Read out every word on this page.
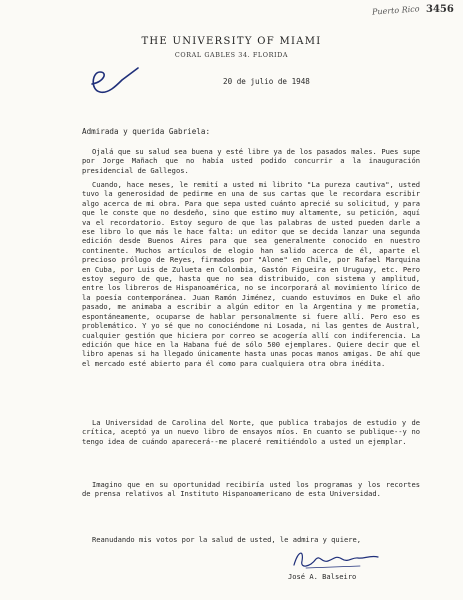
Puerto Rico 3456
THE UNIVERSITY OF MIAMI
CORAL GABLES 34. FLORIDA
20 de julio de 1948
Admirada y querida Gabriela:

Ojalá que su salud sea buena y esté libre ya de los pasados males. Pues supe por Jorge Mañach que no había usted podido concurrir a la inauguración presidencial de Gallegos.

Cuando, hace meses, le remití a usted mi librito "La pureza cautiva", usted tuvo la generosidad de pedirme en una de sus cartas que le recordara escribir algo acerca de mi obra. Para que sepa usted cuánto aprecié su solicitud, y para que le conste que no desdeño, sino que estimo muy altamente, su petición, aquí va el recordatorio. Estoy seguro de que las palabras de usted pueden darle a ese libro lo que más le hace falta: un editor que se decida lanzar una segunda edición desde Buenos Aires para que sea generalmente conocido en nuestro continente. Muchos artículos de elogio han salido acerca de él, aparte el precioso prólogo de Reyes, firmados por "Alone" en Chile, por Rafael Marquina en Cuba, por Luis de Zulueta en Colombia, Gastón Figueira en Uruguay, etc. Pero estoy seguro de que, hasta que no sea distribuido, con sistema y amplitud, entre los libreros de Hispanoamérica, no se incorporará al movimiento lírico de la poesía contemporánea. Juan Ramón Jiménez, cuando estuvimos en Duke el año pasado, me animaba a escribir a algún editor en la Argentina y me prometía, espontáneamente, ocuparse de hablar personalmente si fuere allí. Pero eso es problemático. Y yo sé que no conociéndome ni Losada, ni las gentes de Austral, cualquier gestión que hiciera por correo se acogería allí con indiferencia. La edición que hice en la Habana fué de sólo 500 ejemplares. Quiere decir que el libro apenas si ha llegado únicamente hasta unas pocas manos amigas. De ahí que el mercado esté abierto para él como para cualquiera otra obra inédita.

La Universidad de Carolina del Norte, que publica trabajos de estudio y de crítica, aceptó ya un nuevo libro de ensayos míos. En cuanto se publique--y no tengo idea de cuándo aparecerá--me placeré remitiéndolo a usted un ejemplar.

Imagino que en su oportunidad recibiría usted los programas y los recortes de prensa relativos al Instituto Hispanoamericano de esta Universidad.

Reanudando mis votos por la salud de usted, le admira y quiere,
José A. Balseiro
